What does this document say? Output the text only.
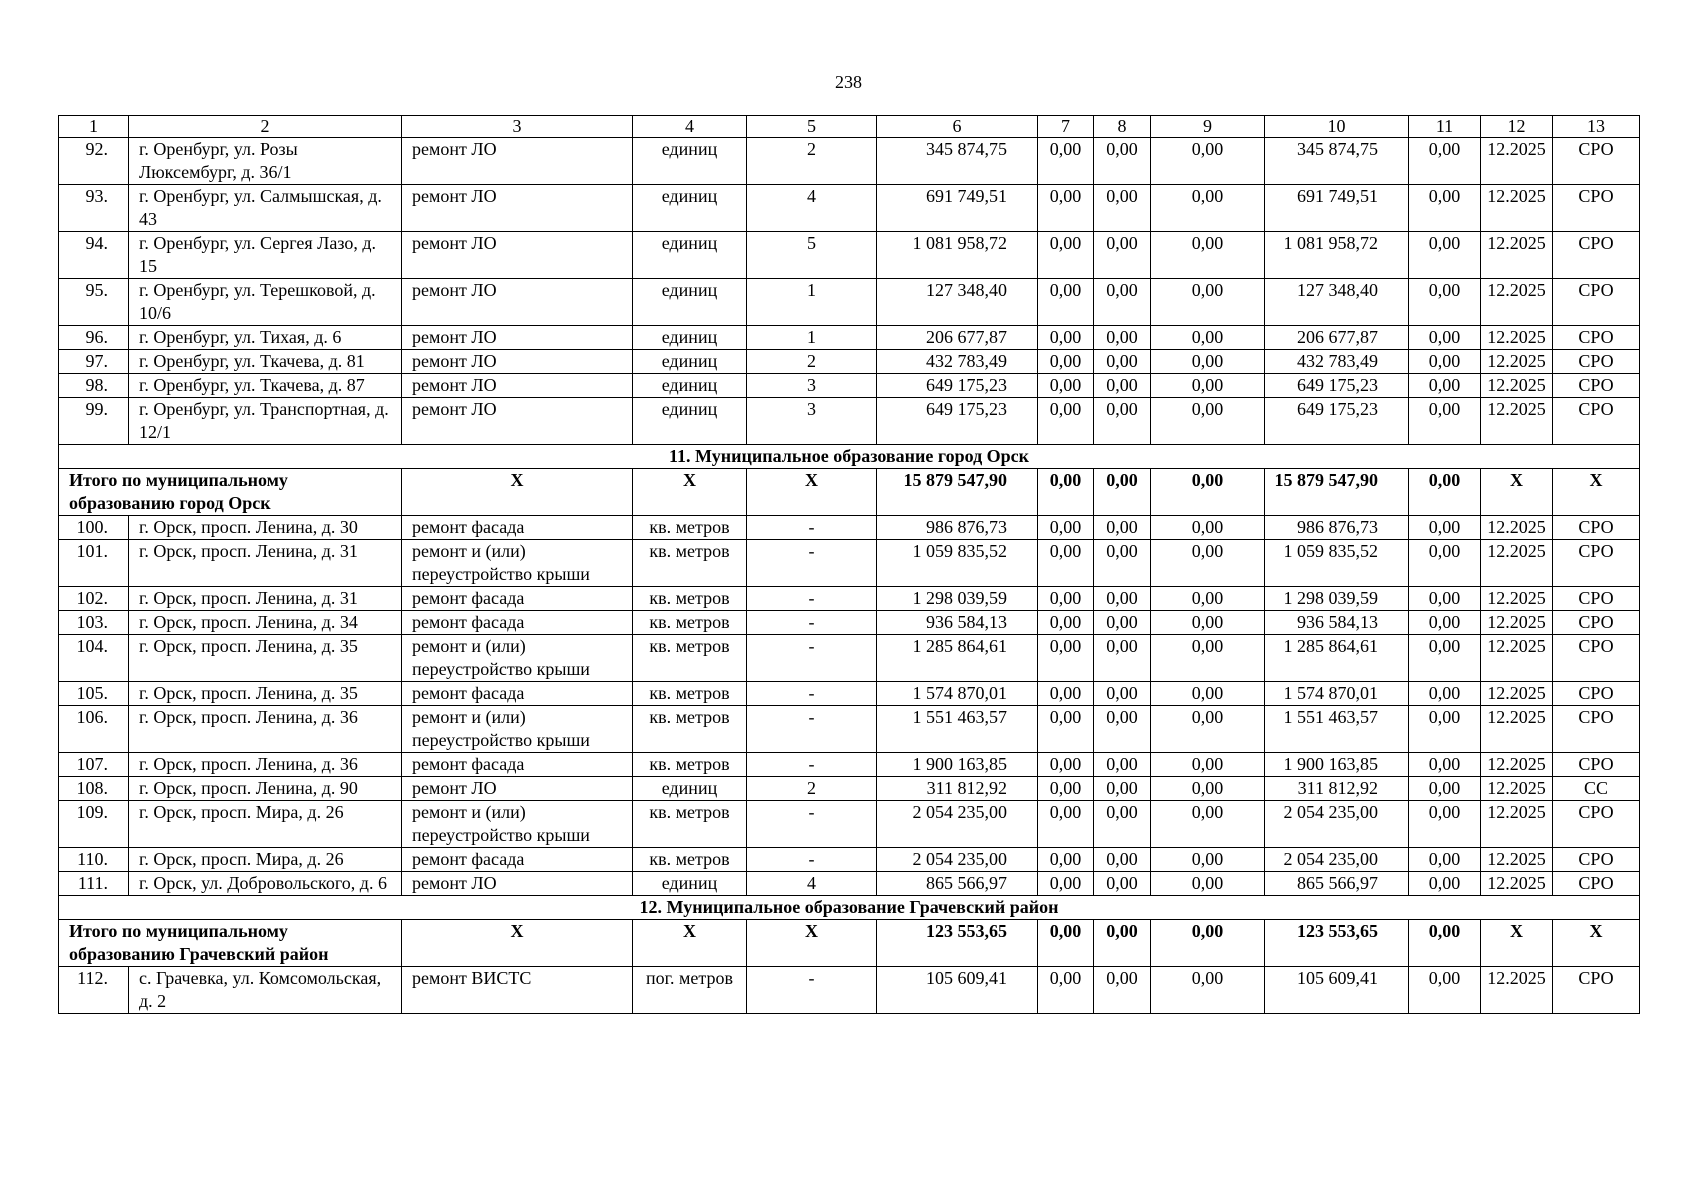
238
1	2	3	4	5	6	7	8	9	10	11	12	13
92.	г. Оренбург, ул. Розы Люксембург, д. 36/1	ремонт ЛО	единиц	2	345 874,75	0,00	0,00	0,00	345 874,75	0,00	12.2025	СРО
93.	г. Оренбург, ул. Салмышская, д. 43	ремонт ЛО	единиц	4	691 749,51	0,00	0,00	0,00	691 749,51	0,00	12.2025	СРО
94.	г. Оренбург, ул. Сергея Лазо, д. 15	ремонт ЛО	единиц	5	1 081 958,72	0,00	0,00	0,00	1 081 958,72	0,00	12.2025	СРО
95.	г. Оренбург, ул. Терешковой, д. 10/6	ремонт ЛО	единиц	1	127 348,40	0,00	0,00	0,00	127 348,40	0,00	12.2025	СРО
96.	г. Оренбург, ул. Тихая, д. 6	ремонт ЛО	единиц	1	206 677,87	0,00	0,00	0,00	206 677,87	0,00	12.2025	СРО
97.	г. Оренбург, ул. Ткачева, д. 81	ремонт ЛО	единиц	2	432 783,49	0,00	0,00	0,00	432 783,49	0,00	12.2025	СРО
98.	г. Оренбург, ул. Ткачева, д. 87	ремонт ЛО	единиц	3	649 175,23	0,00	0,00	0,00	649 175,23	0,00	12.2025	СРО
99.	г. Оренбург, ул. Транспортная, д. 12/1	ремонт ЛО	единиц	3	649 175,23	0,00	0,00	0,00	649 175,23	0,00	12.2025	СРО
11. Муниципальное образование город Орск												
Итого по муниципальному образованию город Орск		X	X	X	15 879 547,90	0,00	0,00	0,00	15 879 547,90	0,00	X	X
100.	г. Орск, просп. Ленина, д. 30	ремонт фасада	кв. метров	-	986 876,73	0,00	0,00	0,00	986 876,73	0,00	12.2025	СРО
101.	г. Орск, просп. Ленина, д. 31	ремонт и (или) переустройство крыши	кв. метров	-	1 059 835,52	0,00	0,00	0,00	1 059 835,52	0,00	12.2025	СРО
102.	г. Орск, просп. Ленина, д. 31	ремонт фасада	кв. метров	-	1 298 039,59	0,00	0,00	0,00	1 298 039,59	0,00	12.2025	СРО
103.	г. Орск, просп. Ленина, д. 34	ремонт фасада	кв. метров	-	936 584,13	0,00	0,00	0,00	936 584,13	0,00	12.2025	СРО
104.	г. Орск, просп. Ленина, д. 35	ремонт и (или) переустройство крыши	кв. метров	-	1 285 864,61	0,00	0,00	0,00	1 285 864,61	0,00	12.2025	СРО
105.	г. Орск, просп. Ленина, д. 35	ремонт фасада	кв. метров	-	1 574 870,01	0,00	0,00	0,00	1 574 870,01	0,00	12.2025	СРО
106.	г. Орск, просп. Ленина, д. 36	ремонт и (или) переустройство крыши	кв. метров	-	1 551 463,57	0,00	0,00	0,00	1 551 463,57	0,00	12.2025	СРО
107.	г. Орск, просп. Ленина, д. 36	ремонт фасада	кв. метров	-	1 900 163,85	0,00	0,00	0,00	1 900 163,85	0,00	12.2025	СРО
108.	г. Орск, просп. Ленина, д. 90	ремонт ЛО	единиц	2	311 812,92	0,00	0,00	0,00	311 812,92	0,00	12.2025	СС
109.	г. Орск, просп. Мира, д. 26	ремонт и (или) переустройство крыши	кв. метров	-	2 054 235,00	0,00	0,00	0,00	2 054 235,00	0,00	12.2025	СРО
110.	г. Орск, просп. Мира, д. 26	ремонт фасада	кв. метров	-	2 054 235,00	0,00	0,00	0,00	2 054 235,00	0,00	12.2025	СРО
111.	г. Орск, ул. Добровольского, д. 6	ремонт ЛО	единиц	4	865 566,97	0,00	0,00	0,00	865 566,97	0,00	12.2025	СРО
12. Муниципальное образование Грачевский район												
Итого по муниципальному образованию Грачевский район		X	X	X	123 553,65	0,00	0,00	0,00	123 553,65	0,00	X	X
112.	с. Грачевка, ул. Комсомольская, д. 2	ремонт ВИСТС	пог. метров	-	105 609,41	0,00	0,00	0,00	105 609,41	0,00	12.2025	СРО
